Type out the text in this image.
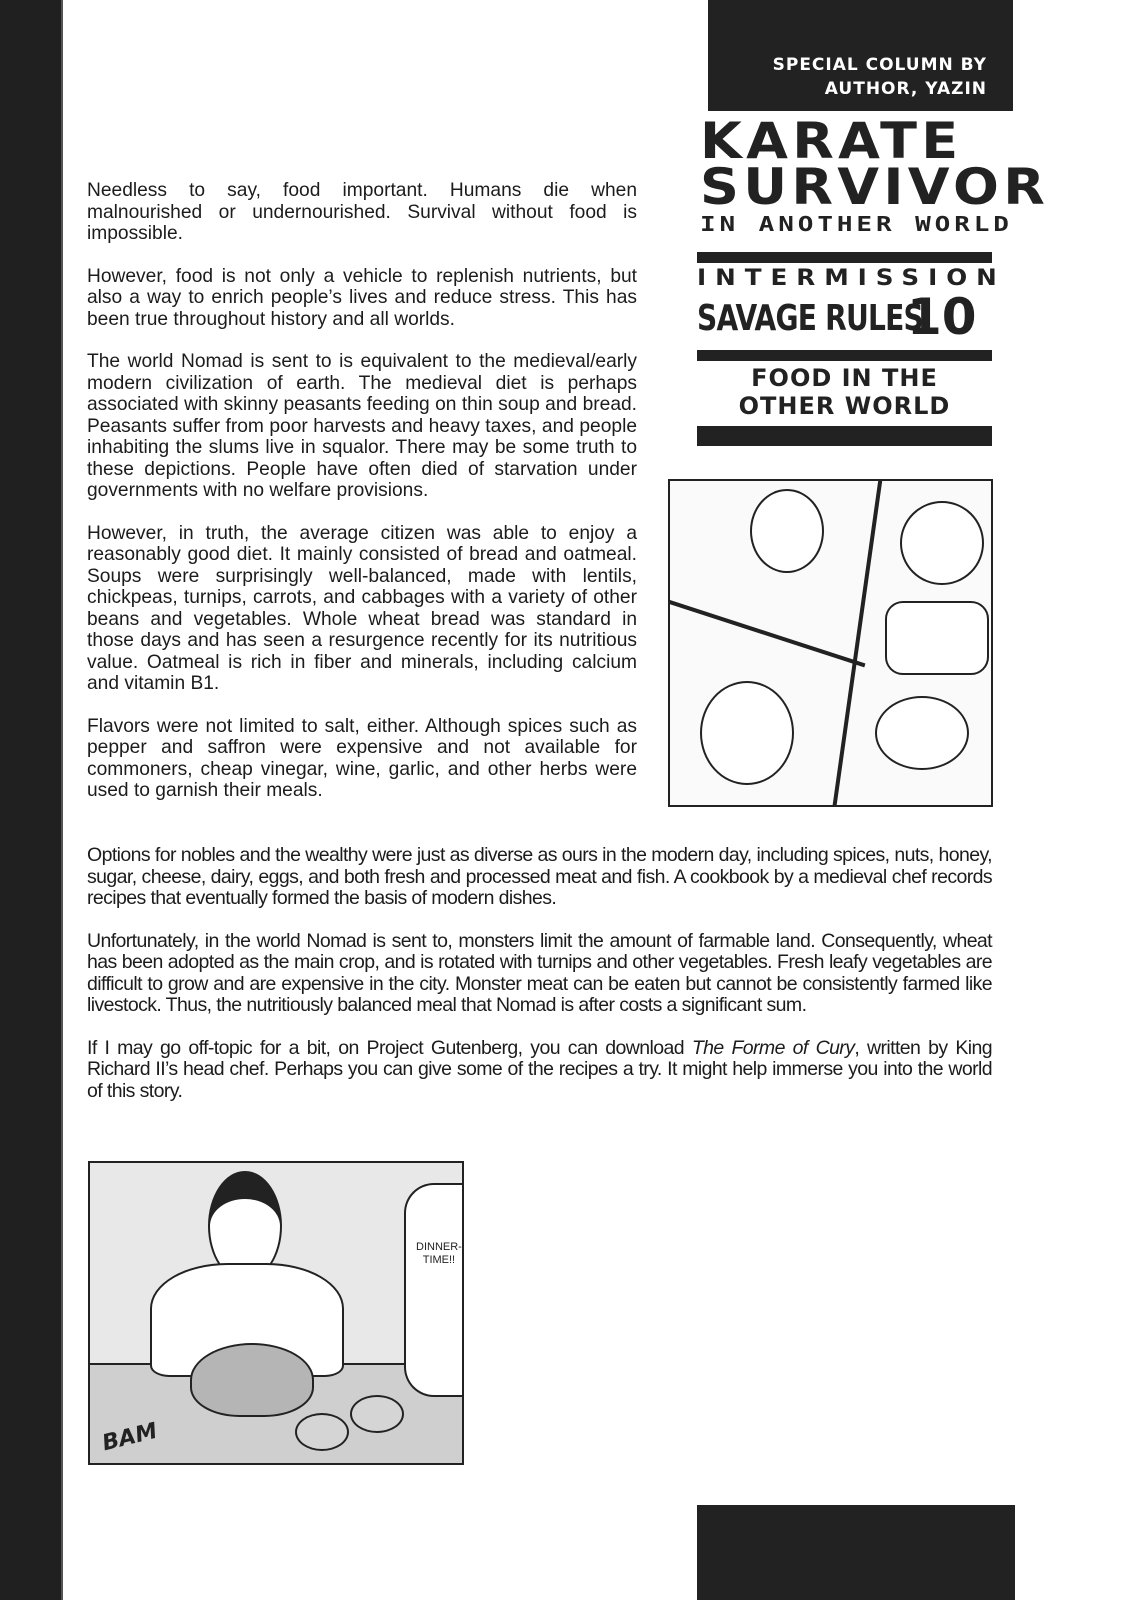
SPECIAL COLUMN BY
AUTHOR, YAZIN
KARATE
SURVIVOR
IN ANOTHER WORLD
INTERMISSION
SAVAGE RULES
10
FOOD IN THE
OTHER WORLD

Needless to say, food important. Humans die when malnourished or undernourished. Survival without food is impossible.

However, food is not only a vehicle to replenish nutrients, but also a way to enrich people’s lives and reduce stress. This has been true throughout history and all worlds.

The world Nomad is sent to is equivalent to the medieval/early modern civilization of earth. The medieval diet is perhaps associated with skinny peasants feeding on thin soup and bread. Peasants suffer from poor harvests and heavy taxes, and people inhabiting the slums live in squalor. There may be some truth to these depictions. People have often died of starvation under governments with no welfare provisions.

However, in truth, the average citizen was able to enjoy a reasonably good diet. It mainly consisted of bread and oatmeal. Soups were surprisingly well-balanced, made with lentils, chickpeas, turnips, carrots, and cabbages with a variety of other beans and vegetables. Whole wheat bread was standard in those days and has seen a resurgence recently for its nutritious value. Oatmeal is rich in fiber and minerals, including calcium and vitamin B1.

Flavors were not limited to salt, either. Although spices such as pepper and saffron were expensive and not available for commoners, cheap vinegar, wine, garlic, and other herbs were used to garnish their meals.

Options for nobles and the wealthy were just as diverse as ours in the modern day, including spices, nuts, honey, sugar, cheese, dairy, eggs, and both fresh and processed meat and fish. A cookbook by a medieval chef records recipes that eventually formed the basis of modern dishes.

Unfortunately, in the world Nomad is sent to, monsters limit the amount of farmable land. Consequently, wheat has been adopted as the main crop, and is rotated with turnips and other vegetables. Fresh leafy vegetables are difficult to grow and are expensive in the city. Monster meat can be eaten but cannot be consistently farmed like livestock. Thus, the nutritiously balanced meal that Nomad is after costs a significant sum.

If I may go off-topic for a bit, on Project Gutenberg, you can download The Forme of Cury, written by King Richard II’s head chef. Perhaps you can give some of the recipes a try. It might help immerse you into the world of this story.

DINNER-
TIME!!
BAM
